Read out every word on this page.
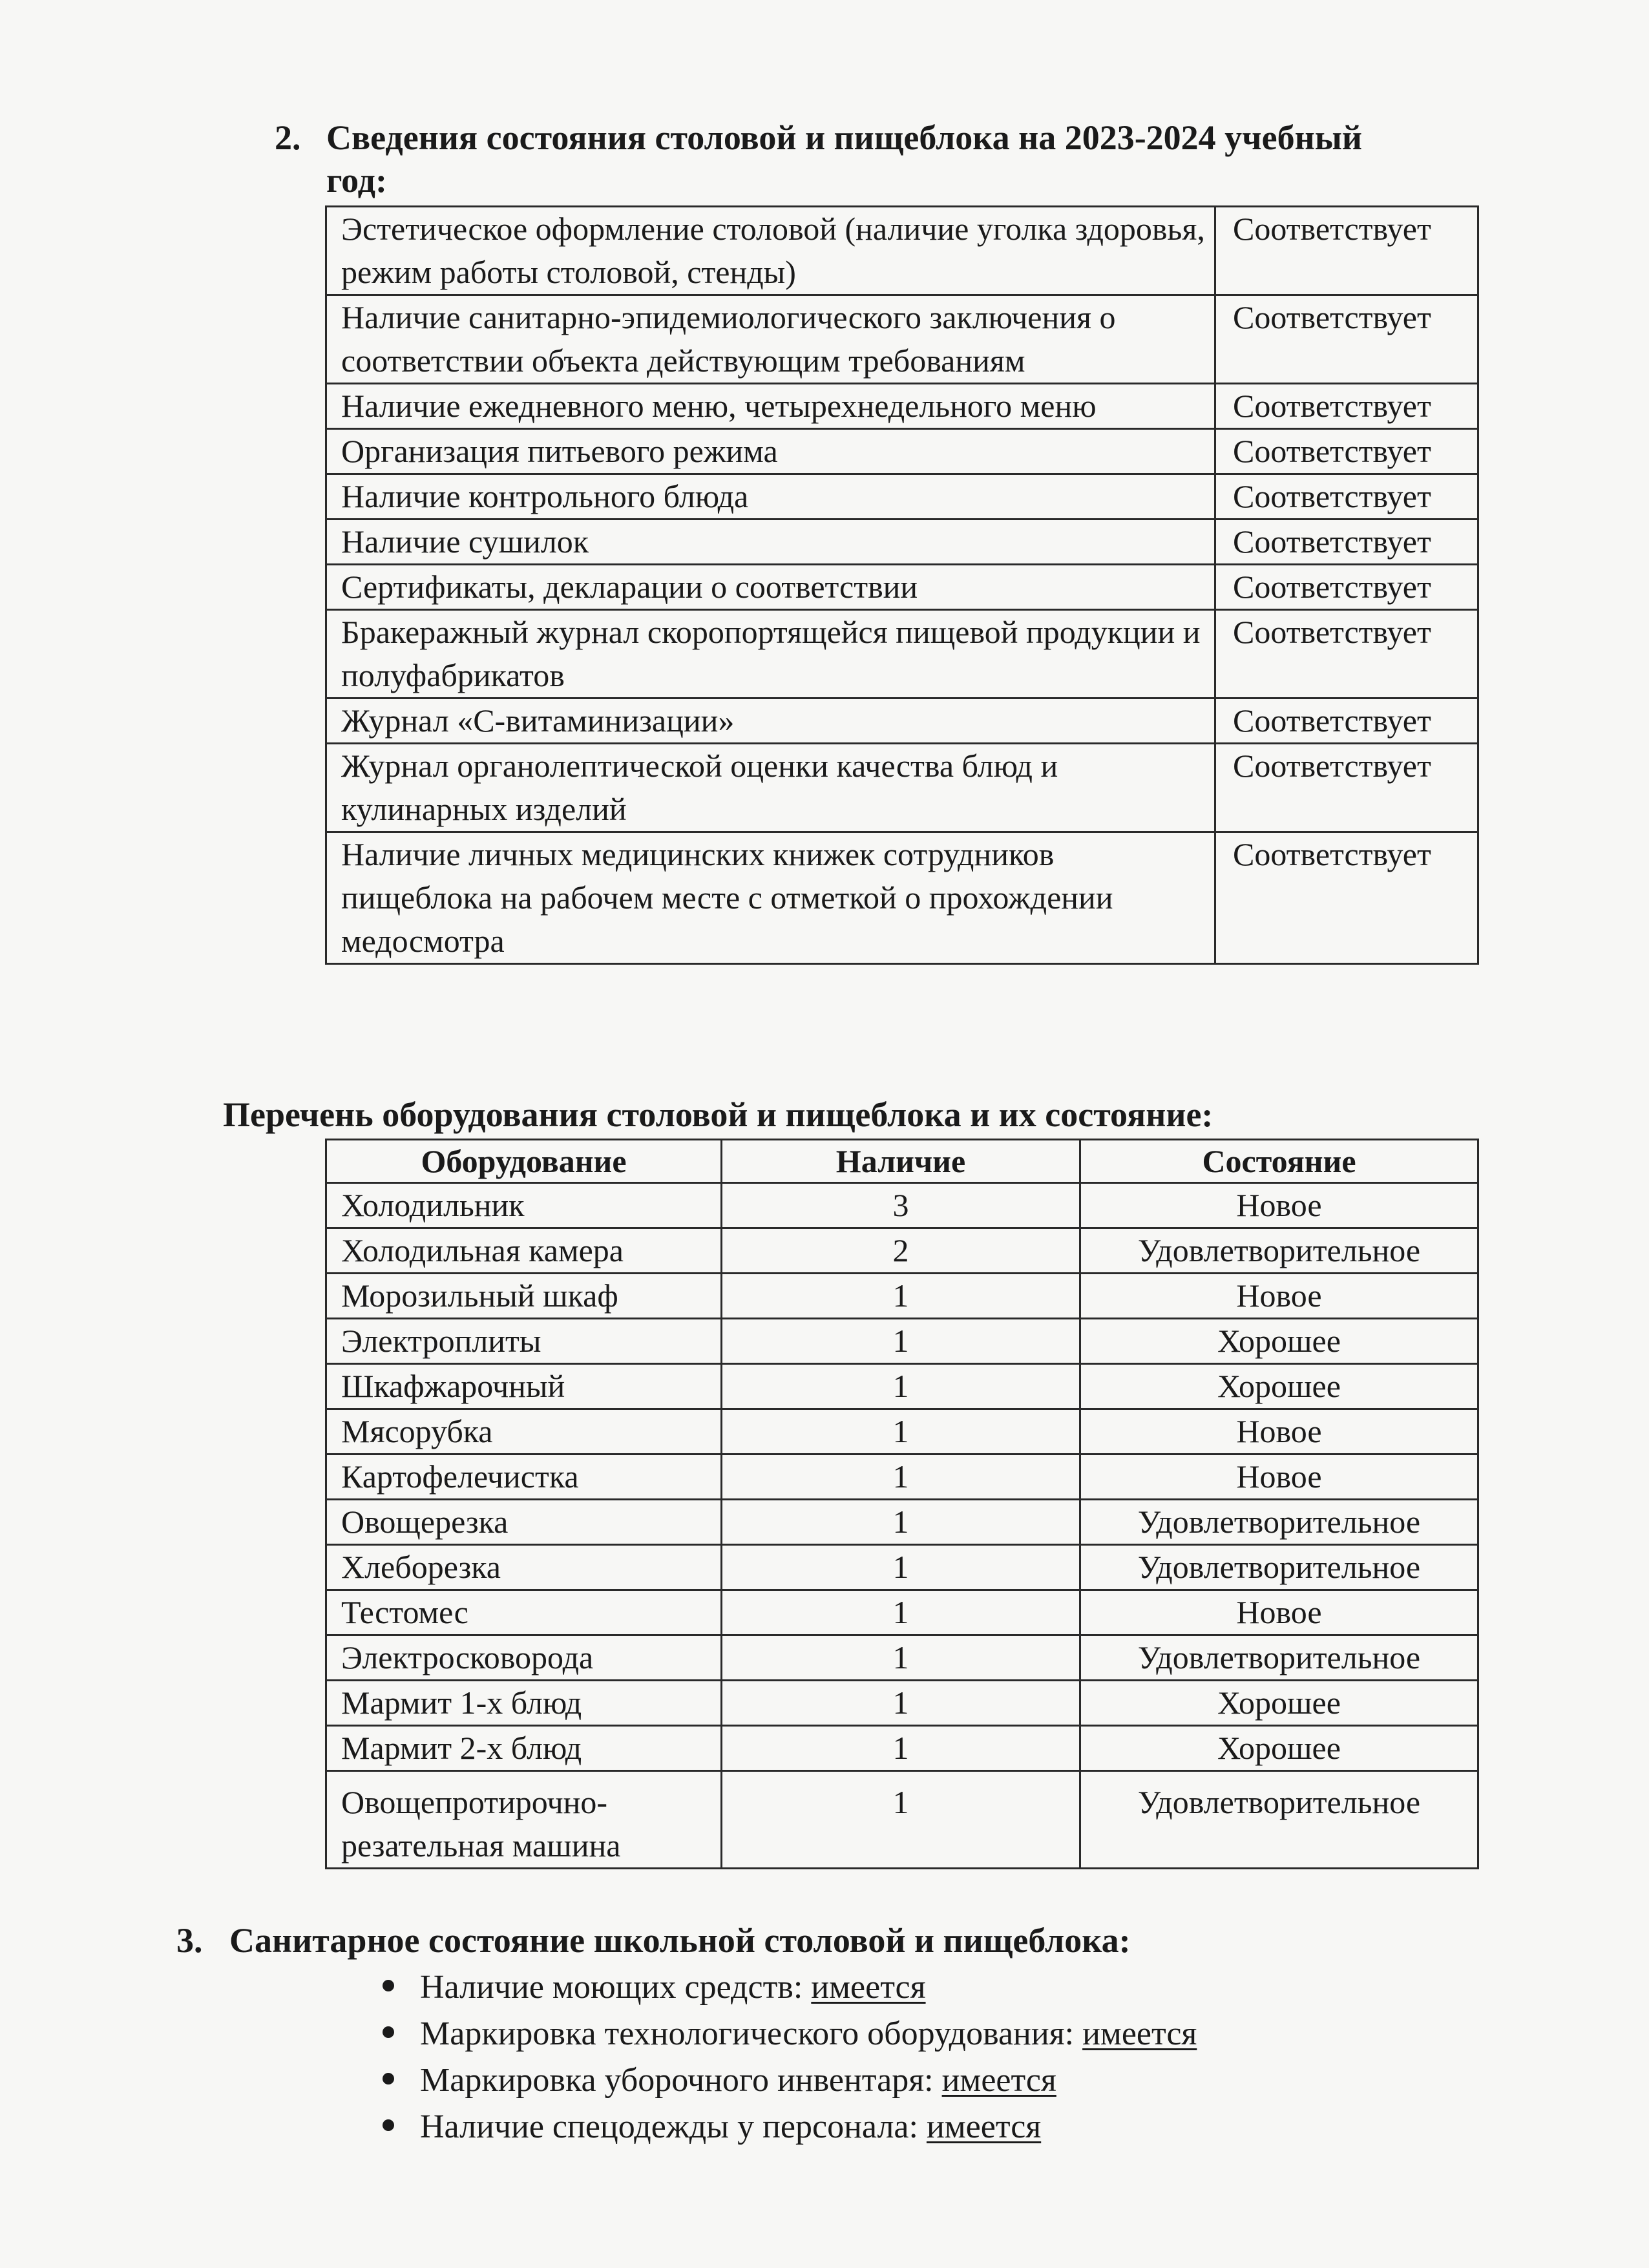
2. Сведения состояния столовой и пищеблока на 2023-2024 учебный

год:

Эстетическое оформление столовой (наличие уголка здоровья, режим работы столовой, стенды)	Соответствует
Наличие санитарно-эпидемиологического заключения о соответствии объекта действующим требованиям	Соответствует
Наличие ежедневного меню, четырехнедельного меню	Соответствует
Организация питьевого режима	Соответствует
Наличие контрольного блюда	Соответствует
Наличие сушилок	Соответствует
Сертификаты, декларации о соответствии	Соответствует
Бракеражный журнал скоропортящейся пищевой продукции и полуфабрикатов	Соответствует
Журнал «С-витаминизации»	Соответствует
Журнал органолептической оценки качества блюд и кулинарных изделий	Соответствует
Наличие личных медицинских книжек сотрудников пищеблока на рабочем месте с отметкой о прохождении медосмотра	Соответствует
Перечень оборудования столовой и пищеблока и их состояние:
Оборудование	Наличие	Состояние
Холодильник	3	Новое
Холодильная камера	2	Удовлетворительное
Морозильный шкаф	1	Новое
Электроплиты	1	Хорошее
Шкафжарочный	1	Хорошее
Мясорубка	1	Новое
Картофелечистка	1	Новое
Овощерезка	1	Удовлетворительное
Хлеборезка	1	Удовлетворительное
Тестомес	1	Новое
Электросковорода	1	Удовлетворительное
Мармит 1-х блюд	1	Хорошее
Мармит 2-х блюд	1	Хорошее
Овощепротирочно-резательная машина	1	Удовлетворительное
3. Санитарное состояние школьной столовой и пищеблока:
Наличие моющих средств: имеется
Маркировка технологического оборудования: имеется
Маркировка уборочного инвентаря: имеется
Наличие спецодежды у персонала: имеется
